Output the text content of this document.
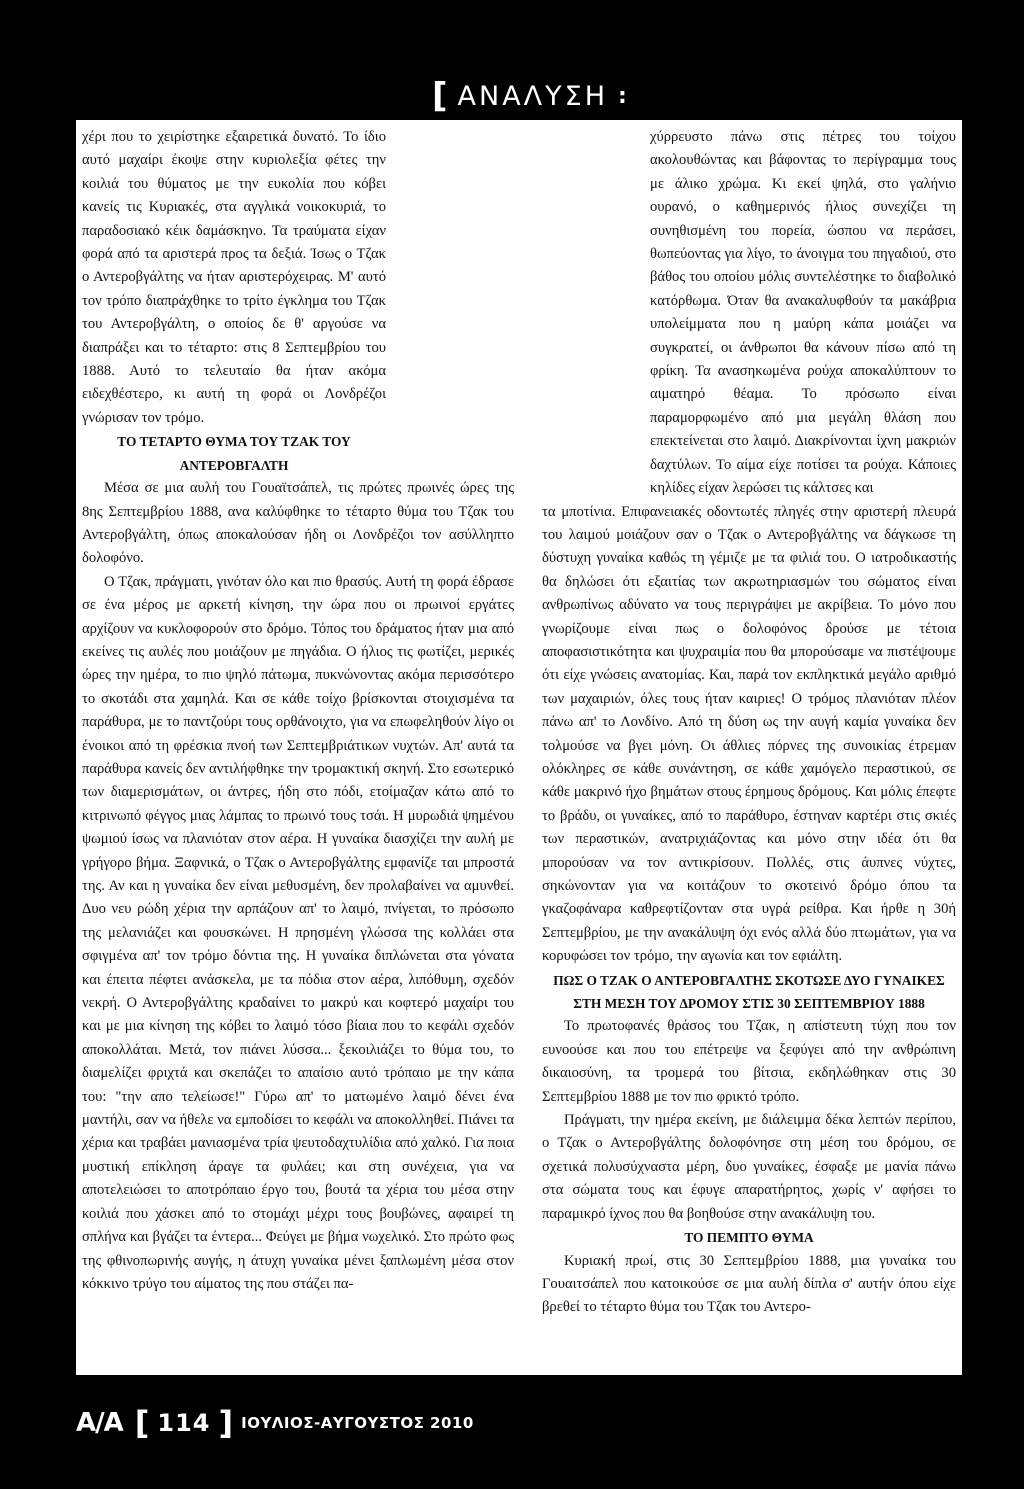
[ ΑΝΑΛΥΣΗ :

χέρι που το χειρίστηκε εξαιρετικά δυνατό. Το ίδιο αυτό μαχαίρι έκοψε στην κυριολεξία φέτες την κοιλιά του θύματος με την ευκολία που κόβει κανείς τις Κυριακές, στα αγγλικά νοικοκυριά, το παραδοσιακό κέικ δαμάσκηνο. Τα τραύματα είχαν φορά από τα αριστερά προς τα δεξιά. Ίσως ο Τζακ ο Αντεροβγάλτης να ήταν αριστερόχειρας. Μ' αυτό τον τρόπο διαπράχθηκε το τρίτο έγκλημα του Τζακ του Αντεροβγάλτη, ο οποίος δε θ' αργούσε να διαπράξει και το τέταρτο: στις 8 Σεπτεμβρίου του 1888. Αυτό το τελευταίο θα ήταν ακόμα ειδεχθέστερο, κι αυτή τη φορά οι Λονδρέζοι γνώρισαν τον τρόμο.

ΤΟ ΤΕΤΑΡΤΟ ΘΥΜΑ ΤΟΥ ΤΖΑΚ ΤΟΥ ΑΝΤΕΡΟΒΓΑΛΤΗ

Μέσα σε μια αυλή του Γουαϊτσάπελ, τις πρώτες πρωινές ώρες της 8ης Σεπτεμβρίου 1888, ανα καλύφθηκε το τέταρτο θύμα του Τζακ του Αντεροβγάλτη, όπως αποκαλούσαν ήδη οι Λονδρέζοι τον ασύλληπτο δολοφόνο.

Ο Τζακ, πράγματι, γινόταν όλο και πιο θρασύς. Αυτή τη φορά έδρασε σε ένα μέρος με αρκετή κίνηση, την ώρα που οι πρωινοί εργάτες αρχίζουν να κυκλοφορούν στο δρόμο. Τόπος του δράματος ήταν μια από εκείνες τις αυλές που μοιάζουν με πηγάδια. Ο ήλιος τις φωτίζει, μερικές ώρες την ημέρα, το πιο ψηλό πάτωμα, πυκνώνοντας ακόμα περισσότερο το σκοτάδι στα χαμηλά. Και σε κάθε τοίχο βρίσκονται στοιχισμένα τα παράθυρα, με το παντζούρι τους ορθάνοιχτο, για να επωφεληθούν λίγο οι ένοικοι από τη φρέσκια πνοή των Σεπτεμβριάτικων νυχτών. Απ' αυτά τα παράθυρα κανείς δεν αντιλήφθηκε την τρομακτική σκηνή. Στο εσωτερικό των διαμερισμάτων, οι άντρες, ήδη στο πόδι, ετοίμαζαν κάτω από το κιτρινωπό φέγγος μιας λάμπας το πρωινό τους τσάι. Η μυρωδιά ψημένου ψωμιού ίσως να πλανιόταν στον αέρα. Η γυναίκα διασχίζει την αυλή με γρήγορο βήμα. Ξαφνικά, ο Τζακ ο Αντεροβγάλτης εμφανίζε ται μπροστά της. Αν και η γυναίκα δεν είναι μεθυσμένη, δεν προλαβαίνει να αμυνθεί. Δυο νευ ρώδη χέρια την αρπάζουν απ' το λαιμό, πνίγεται, το πρόσωπο της μελανιάζει και φουσκώνει. Η πρησμένη γλώσσα της κολλάει στα σφιγμένα απ' τον τρόμο δόντια της. Η γυναίκα διπλώνεται στα γόνατα και έπειτα πέφτει ανάσκελα, με τα πόδια στον αέρα, λιπόθυμη, σχεδόν νεκρή. Ο Αντεροβγάλτης κραδαίνει το μακρύ και κοφτερό μαχαίρι του και με μια κίνηση της κόβει το λαιμό τόσο βίαια που το κεφάλι σχεδόν αποκολλάται. Μετά, τον πιάνει λύσσα... ξεκοιλιάζει το θύμα του, το διαμελίζει φριχτά και σκεπάζει το απαίσιο αυτό τρόπαιο με την κάπα του: "την απο τελείωσε!" Γύρω απ' το ματωμένο λαιμό δένει ένα μαντήλι, σαν να ήθελε να εμποδίσει το κεφάλι να αποκολληθεί. Πιάνει τα χέρια και τραβάει μανιασμένα τρία ψευτοδαχτυλίδια από χαλκό. Για ποια μυστική επίκληση άραγε τα φυλάει; και στη συνέχεια, για να αποτελειώσει το αποτρόπαιο έργο του, βουτά τα χέρια του μέσα στην κοιλιά που χάσκει από το στομάχι μέχρι τους βουβώνες, αφαιρεί τη σπλήνα και βγάζει τα έντερα... Φεύγει με βήμα νωχελικό. Στο πρώτο φως της φθινοπωρινής αυγής, η άτυχη γυναίκα μένει ξαπλωμένη μέσα στον κόκκινο τρύγο του αίματος της που στάζει πα-

χύρρευστο πάνω στις πέτρες του τοίχου ακολουθώντας και βάφοντας το περίγραμμα τους με άλικο χρώμα. Κι εκεί ψηλά, στο γαλήνιο ουρανό, ο καθημερινός ήλιος συνεχίζει τη συνηθισμένη του πορεία, ώσπου να περάσει, θωπεύοντας για λίγο, το άνοιγμα του πηγαδιού, στο βάθος του οποίου μόλις συντελέστηκε το διαβολικό κατόρθωμα. Όταν θα ανακαλυφθούν τα μακάβρια υπολείμματα που η μαύρη κάπα μοιάζει να συγκρατεί, οι άνθρωποι θα κάνουν πίσω από τη φρίκη. Τα ανασηκωμένα ρούχα αποκαλύπτουν το αιματηρό θέαμα. Το πρόσωπο είναι παραμορφωμένο από μια μεγάλη θλάση που επεκτείνεται στο λαιμό. Διακρίνονται ίχνη μακριών δαχτύλων. Το αίμα είχε ποτίσει τα ρούχα. Κάποιες κηλίδες είχαν λερώσει τις κάλτσες και

τα μποτίνια. Επιφανειακές οδοντωτές πληγές στην αριστερή πλευρά του λαιμού μοιάζουν σαν ο Τζακ ο Αντεροβγάλτης να δάγκωσε τη δύστυχη γυναίκα καθώς τη γέμιζε με τα φιλιά του. Ο ιατροδικαστής θα δηλώσει ότι εξαιτίας των ακρωτηριασμών του σώματος είναι ανθρωπίνως αδύνατο να τους περιγράψει με ακρίβεια. Το μόνο που γνωρίζουμε είναι πως ο δολοφόνος δρούσε με τέτοια αποφασιστικότητα και ψυχραιμία που θα μπορούσαμε να πιστέψουμε ότι είχε γνώσεις ανατομίας. Και, παρά τον εκπληκτικά μεγάλο αριθμό των μαχαιριών, όλες τους ήταν καιριες! Ο τρόμος πλανιόταν πλέον πάνω απ' το Λονδίνο. Από τη δύση ως την αυγή καμία γυναίκα δεν τολμούσε να βγει μόνη. Οι άθλιες πόρνες της συνοικίας έτρεμαν ολόκληρες σε κάθε συνάντηση, σε κάθε χαμόγελο περαστικού, σε κάθε μακρινό ήχο βημάτων στους έρημους δρόμους. Και μόλις έπεφτε το βράδυ, οι γυναίκες, από το παράθυρο, έστηναν καρτέρι στις σκιές των περαστικών, ανατριχιάζοντας και μόνο στην ιδέα ότι θα μπορούσαν να τον αντικρίσουν. Πολλές, στις άυπνες νύχτες, σηκώνονταν για να κοιτάζουν το σκοτεινό δρόμο όπου τα γκαζοφάναρα καθρεφτίζονταν στα υγρά ρείθρα. Και ήρθε η 30ή Σεπτεμβρίου, με την ανακάλυψη όχι ενός αλλά δύο πτωμάτων, για να κορυφώσει τον τρόμο, την αγωνία και τον εφιάλτη.

ΠΩΣ Ο ΤΖΑΚ Ο ΑΝΤΕΡΟΒΓΑΛΤΗΣ ΣΚΟΤΩΣΕ ΔΥΟ ΓΥΝΑΙΚΕΣ ΣΤΗ ΜΕΣΗ ΤΟΥ ΔΡΟΜΟΥ ΣΤΙΣ 30 ΣΕΠΤΕΜΒΡΙΟΥ 1888

Το πρωτοφανές θράσος του Τζακ, η απίστευτη τύχη που τον ευνοούσε και που του επέτρεψε να ξεφύγει από την ανθρώπινη δικαιοσύνη, τα τρομερά του βίτσια, εκδηλώθηκαν στις 30 Σεπτεμβρίου 1888 με τον πιο φρικτό τρόπο.

Πράγματι, την ημέρα εκείνη, με διάλειμμα δέκα λεπτών περίπου, ο Τζακ ο Αντεροβγάλτης δολοφόνησε στη μέση του δρόμου, σε σχετικά πολυσύχναστα μέρη, δυο γυναίκες, έσφαξε με μανία πάνω στα σώματα τους και έφυγε απαρατήρητος, χωρίς ν' αφήσει το παραμικρό ίχνος που θα βοηθούσε στην ανακάλυψη του.

ΤΟ ΠΕΜΠΤΟ ΘΥΜΑ

Κυριακή πρωί, στις 30 Σεπτεμβρίου 1888, μια γυναίκα του Γουαιτσάπελ που κατοικούσε σε μια αυλή δίπλα σ' αυτήν όπου είχε βρεθεί το τέταρτο θύμα του Τζακ του Αντερο-

Α/Α [ 114 ] ΙΟΥΛΙΟΣ-ΑΥΓΟΥΣΤΟΣ 2010
